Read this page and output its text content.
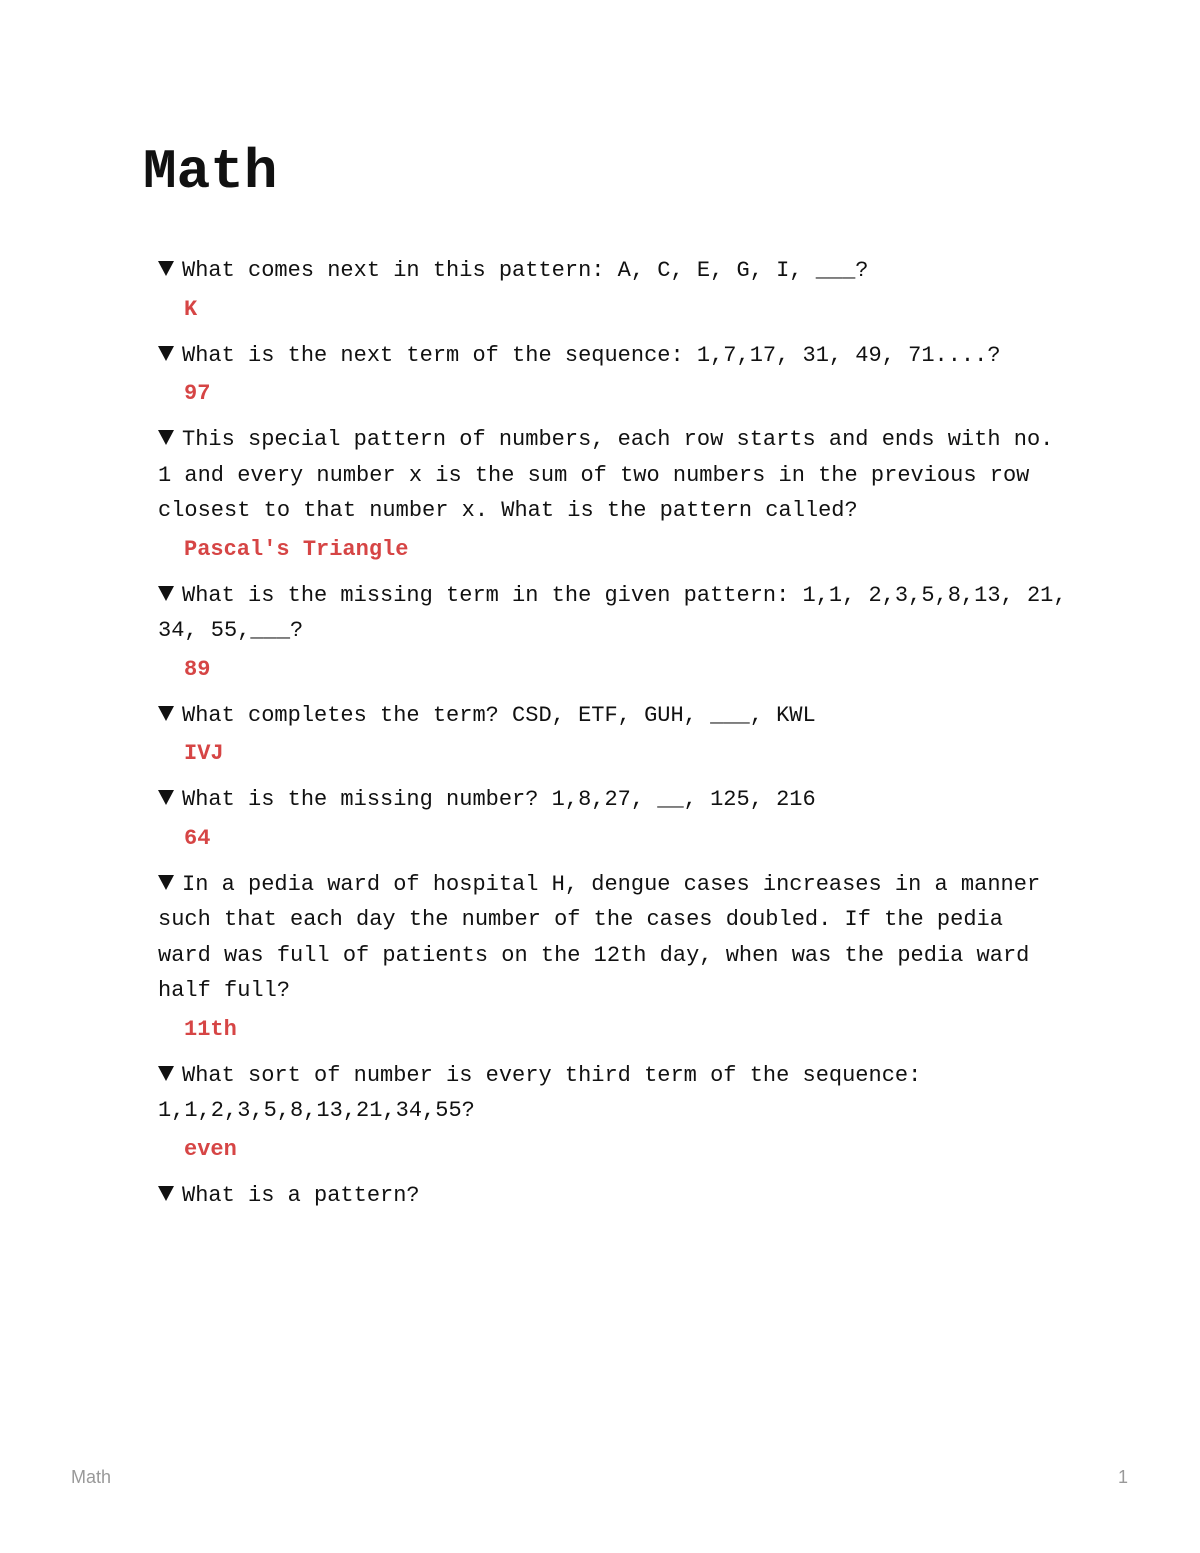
Math
What comes next in this pattern: A, C, E, G, I, ___?
K
What is the next term of the sequence: 1,7,17, 31, 49, 71....?
97
This special pattern of numbers, each row starts and ends with no. 1 and every number x is the sum of two numbers in the previous row closest to that number x. What is the pattern called?
Pascal's Triangle
What is the missing term in the given pattern: 1,1, 2,3,5,8,13, 21, 34, 55,___?
89
What completes the term? CSD, ETF, GUH, ___, KWL
IVJ
What is the missing number? 1,8,27, __, 125, 216
64
In a pedia ward of hospital H, dengue cases increases in a manner such that each day the number of the cases doubled. If the pedia ward was full of patients on the 12th day, when was the pedia ward half full?
11th
What sort of number is every third term of the sequence: 1,1,2,3,5,8,13,21,34,55?
even
What is a pattern?
Math	1
